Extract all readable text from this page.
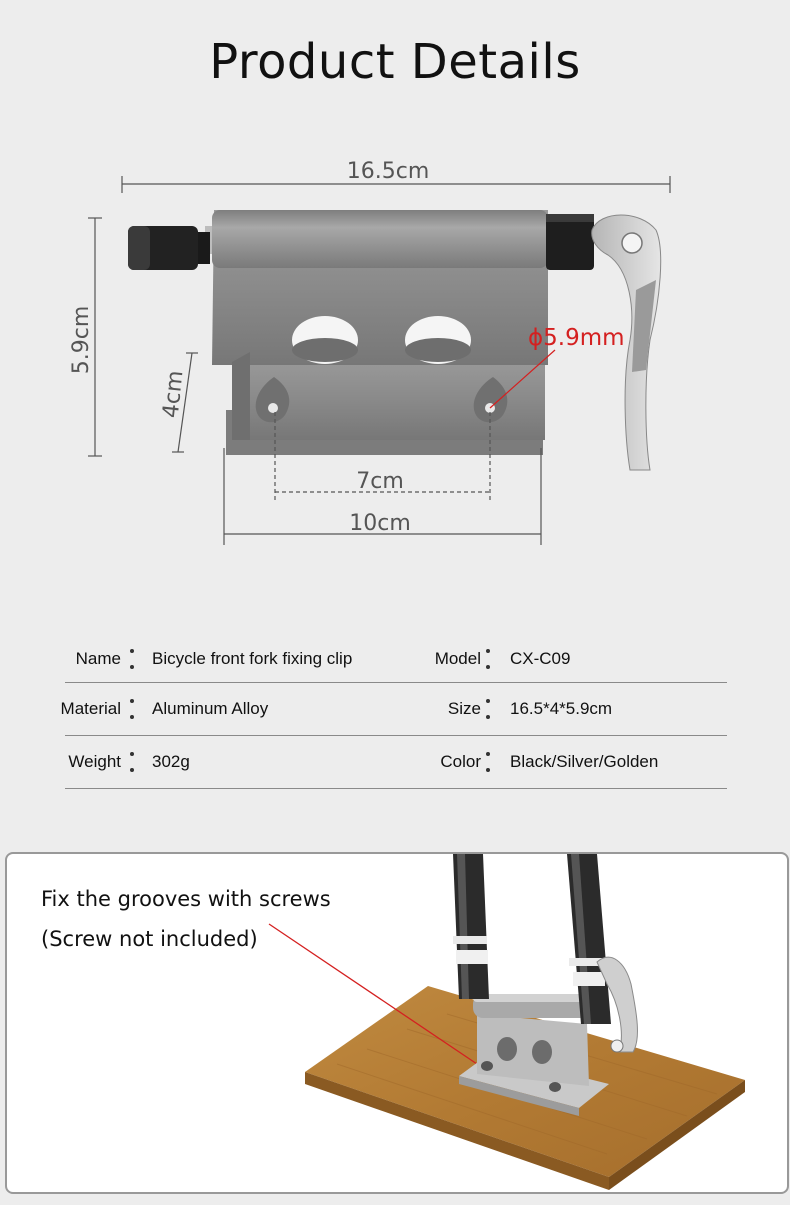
Product Details
16.5cm
5.9cm
4cm
ϕ5.9mm
7cm
10cm
Name Bicycle front fork fixing clip	Model CX-C09
Material Aluminum Alloy	Size 16.5*4*5.9cm
Weight 302g	Color Black/Silver/Golden
Fix the grooves with screws
(Screw not included)
